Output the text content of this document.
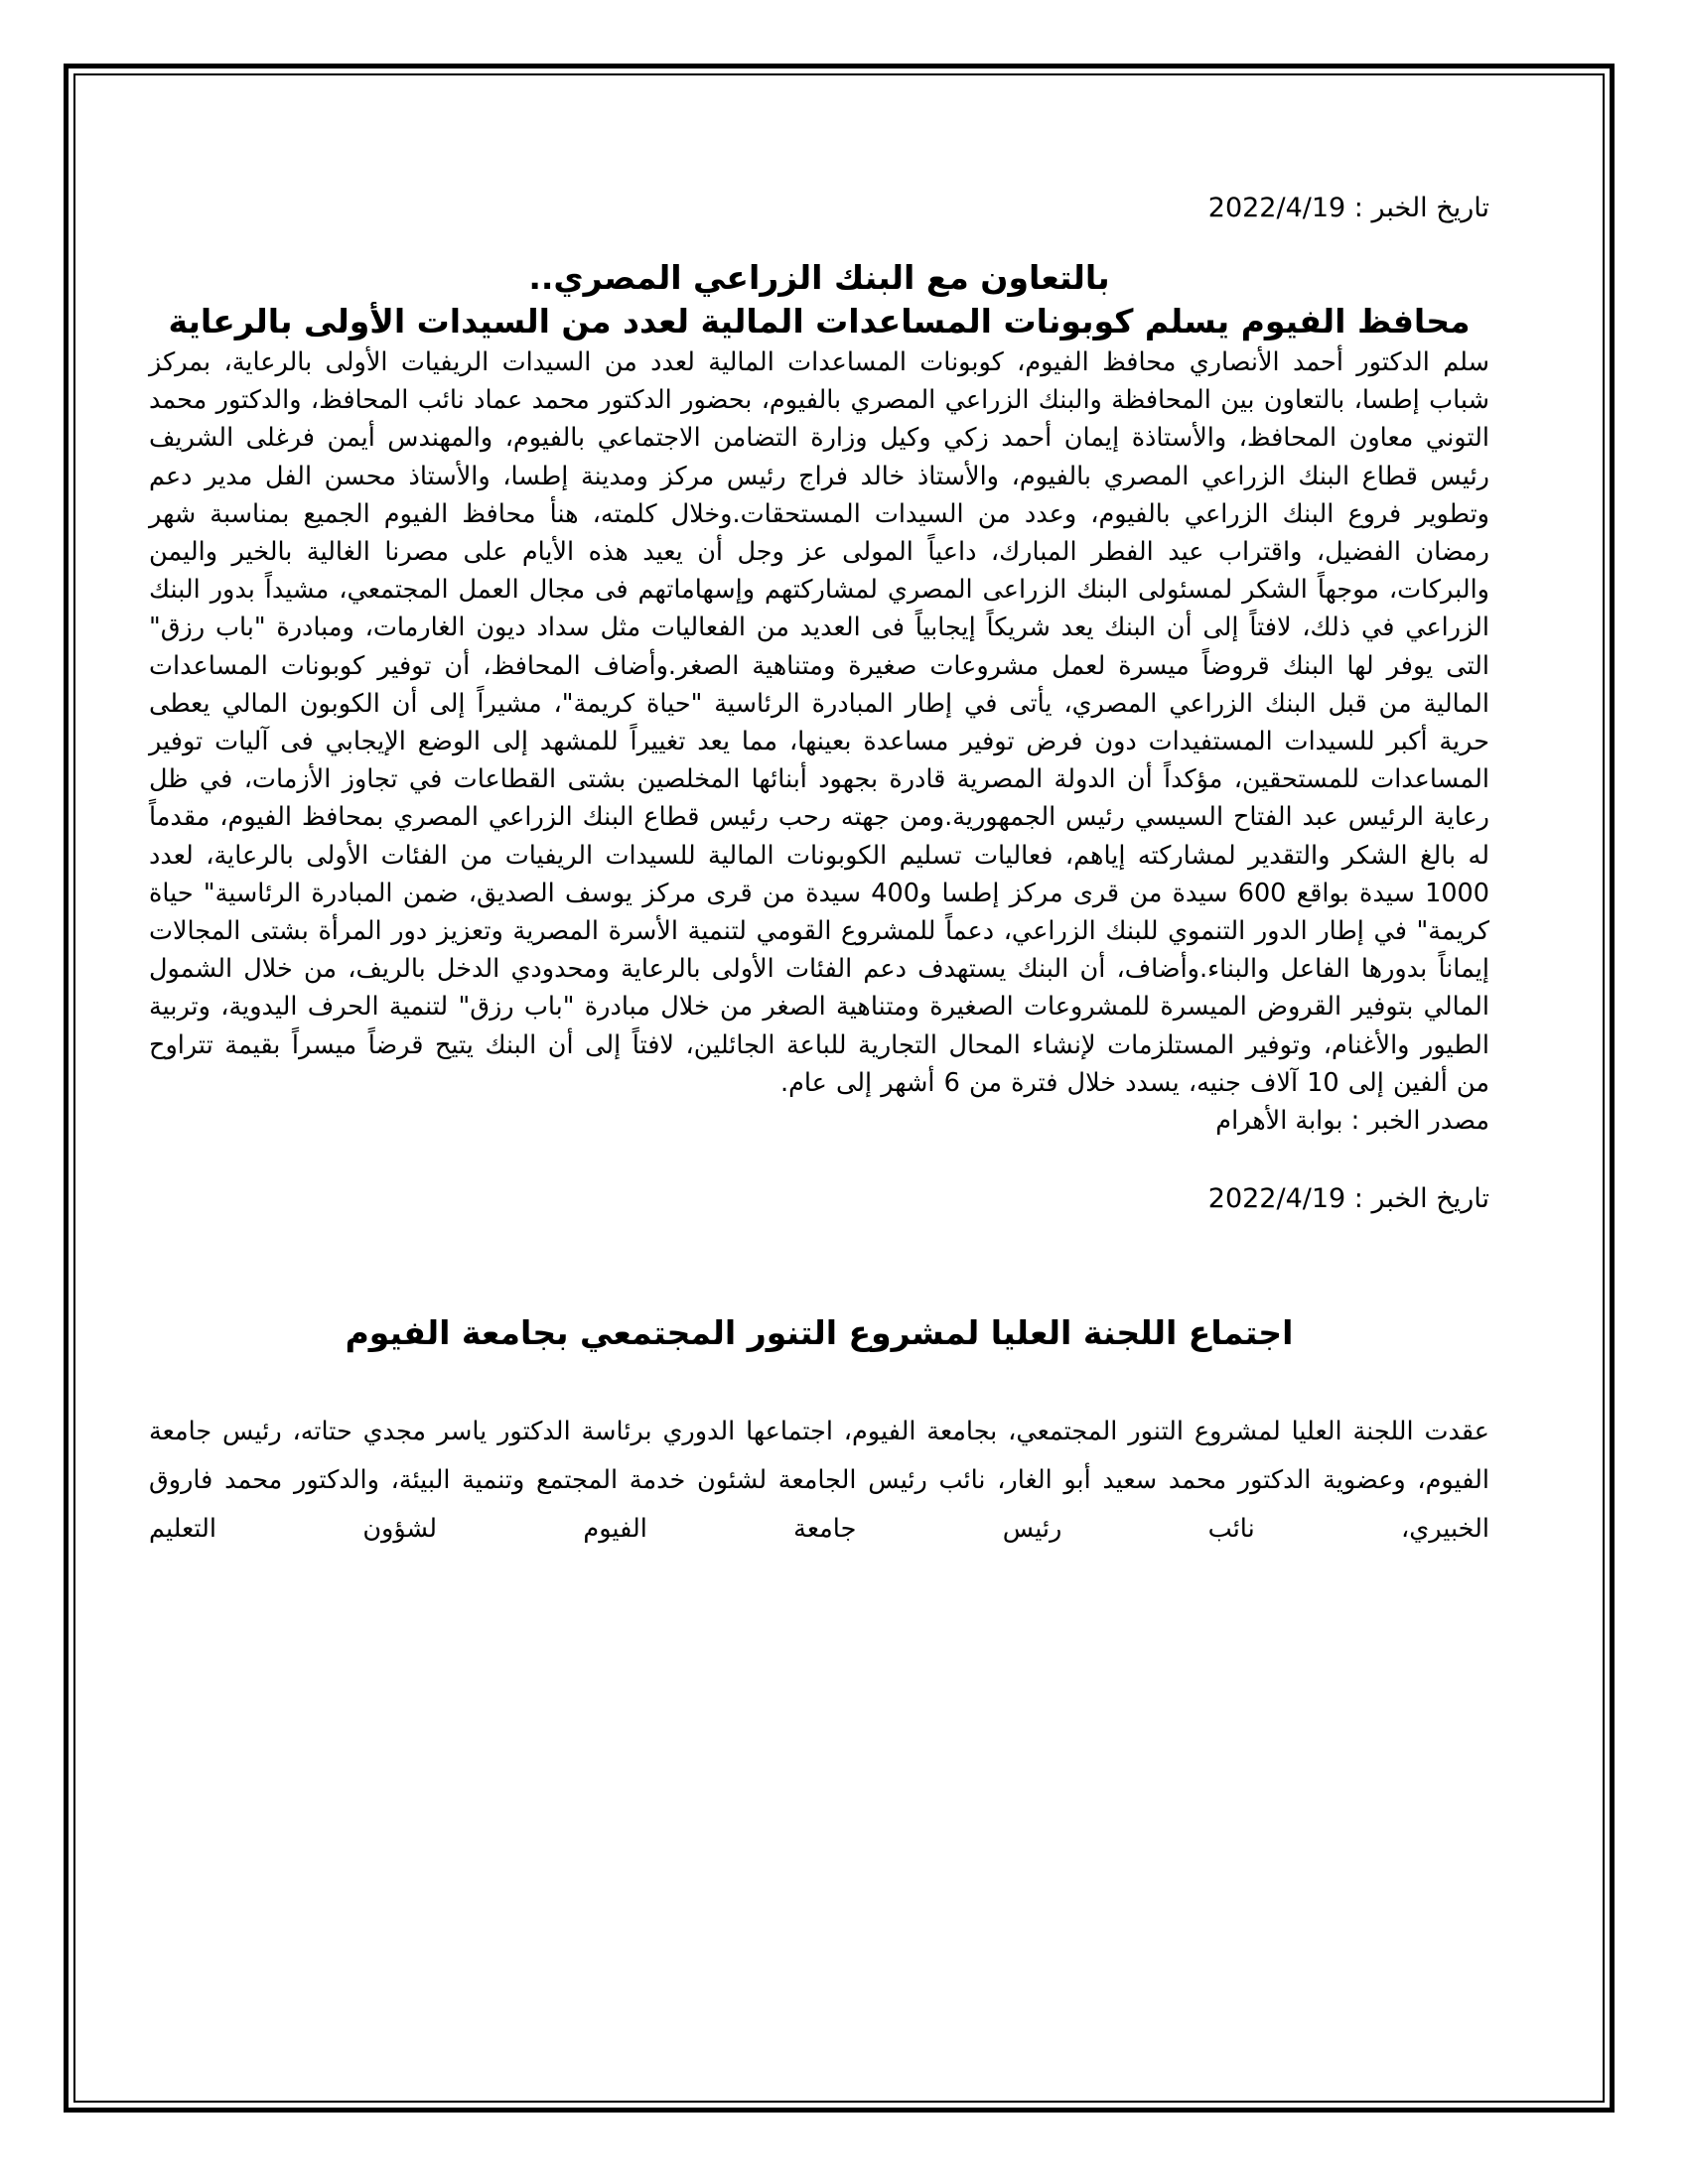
تاريخ الخبر : 2022/4/19

بالتعاون مع البنك الزراعي المصري..
محافظ الفيوم يسلم كوبونات المساعدات المالية لعدد من السيدات الأولى بالرعاية

سلم الدكتور أحمد الأنصاري محافظ الفيوم، كوبونات المساعدات المالية لعدد من السيدات الريفيات الأولى بالرعاية، بمركز شباب إطسا، بالتعاون بين المحافظة والبنك الزراعي المصري بالفيوم، بحضور الدكتور محمد عماد نائب المحافظ، والدكتور محمد التوني معاون المحافظ، والأستاذة إيمان أحمد زكي وكيل وزارة التضامن الاجتماعي بالفيوم، والمهندس أيمن فرغلى الشريف رئيس قطاع البنك الزراعي المصري بالفيوم، والأستاذ خالد فراج رئيس مركز ومدينة إطسا، والأستاذ محسن الفل مدير دعم وتطوير فروع البنك الزراعي بالفيوم، وعدد من السيدات المستحقات.وخلال كلمته، هنأ محافظ الفيوم الجميع بمناسبة شهر رمضان الفضيل، واقتراب عيد الفطر المبارك، داعياً المولى عز وجل أن يعيد هذه الأيام على مصرنا الغالية بالخير واليمن والبركات، موجهاً الشكر لمسئولى البنك الزراعى المصري لمشاركتهم وإسهاماتهم فى مجال العمل المجتمعي، مشيداً بدور البنك الزراعي في ذلك، لافتاً إلى أن البنك يعد شريكاً إيجابياً فى العديد من الفعاليات مثل سداد ديون الغارمات، ومبادرة "باب رزق" التى يوفر لها البنك قروضاً ميسرة لعمل مشروعات صغيرة ومتناهية الصغر.وأضاف المحافظ، أن توفير كوبونات المساعدات المالية من قبل البنك الزراعي المصري، يأتى في إطار المبادرة الرئاسية "حياة كريمة"، مشيراً إلى أن الكوبون المالي يعطى حرية أكبر للسيدات المستفيدات دون فرض توفير مساعدة بعينها، مما يعد تغييراً للمشهد إلى الوضع الإيجابي فى آليات توفير المساعدات للمستحقين، مؤكداً أن الدولة المصرية قادرة بجهود أبنائها المخلصين بشتى القطاعات في تجاوز الأزمات، في ظل رعاية الرئيس عبد الفتاح السيسي رئيس الجمهورية.ومن جهته رحب رئيس قطاع البنك الزراعي المصري بمحافظ الفيوم، مقدماً له بالغ الشكر والتقدير لمشاركته إياهم، فعاليات تسليم الكوبونات المالية للسيدات الريفيات من الفئات الأولى بالرعاية، لعدد 1000 سيدة بواقع 600 سيدة من قرى مركز إطسا و400 سيدة من قرى مركز يوسف الصديق، ضمن المبادرة الرئاسية" حياة كريمة" في إطار الدور التنموي للبنك الزراعي، دعماً للمشروع القومي لتنمية الأسرة المصرية وتعزيز دور المرأة بشتى المجالات إيماناً بدورها الفاعل والبناء.وأضاف، أن البنك يستهدف دعم الفئات الأولى بالرعاية ومحدودي الدخل بالريف، من خلال الشمول المالي بتوفير القروض الميسرة للمشروعات الصغيرة ومتناهية الصغر من خلال مبادرة "باب رزق" لتنمية الحرف اليدوية، وتربية الطيور والأغنام، وتوفير المستلزمات لإنشاء المحال التجارية للباعة الجائلين، لافتاً إلى أن البنك يتيح قرضاً ميسراً بقيمة تتراوح من ألفين إلى 10 آلاف جنيه، يسدد خلال فترة من 6 أشهر إلى عام.

مصدر الخبر : بوابة الأهرام

تاريخ الخبر : 2022/4/19

اجتماع اللجنة العليا لمشروع التنور المجتمعي بجامعة الفيوم

عقدت اللجنة العليا لمشروع التنور المجتمعي، بجامعة الفيوم، اجتماعها الدوري برئاسة الدكتور ياسر مجدي حتاته، رئيس جامعة الفيوم، وعضوية الدكتور محمد سعيد أبو الغار، نائب رئيس الجامعة لشئون خدمة المجتمع وتنمية البيئة، والدكتور محمد فاروق الخبيري، نائب رئيس جامعة الفيوم لشؤون التعليم
